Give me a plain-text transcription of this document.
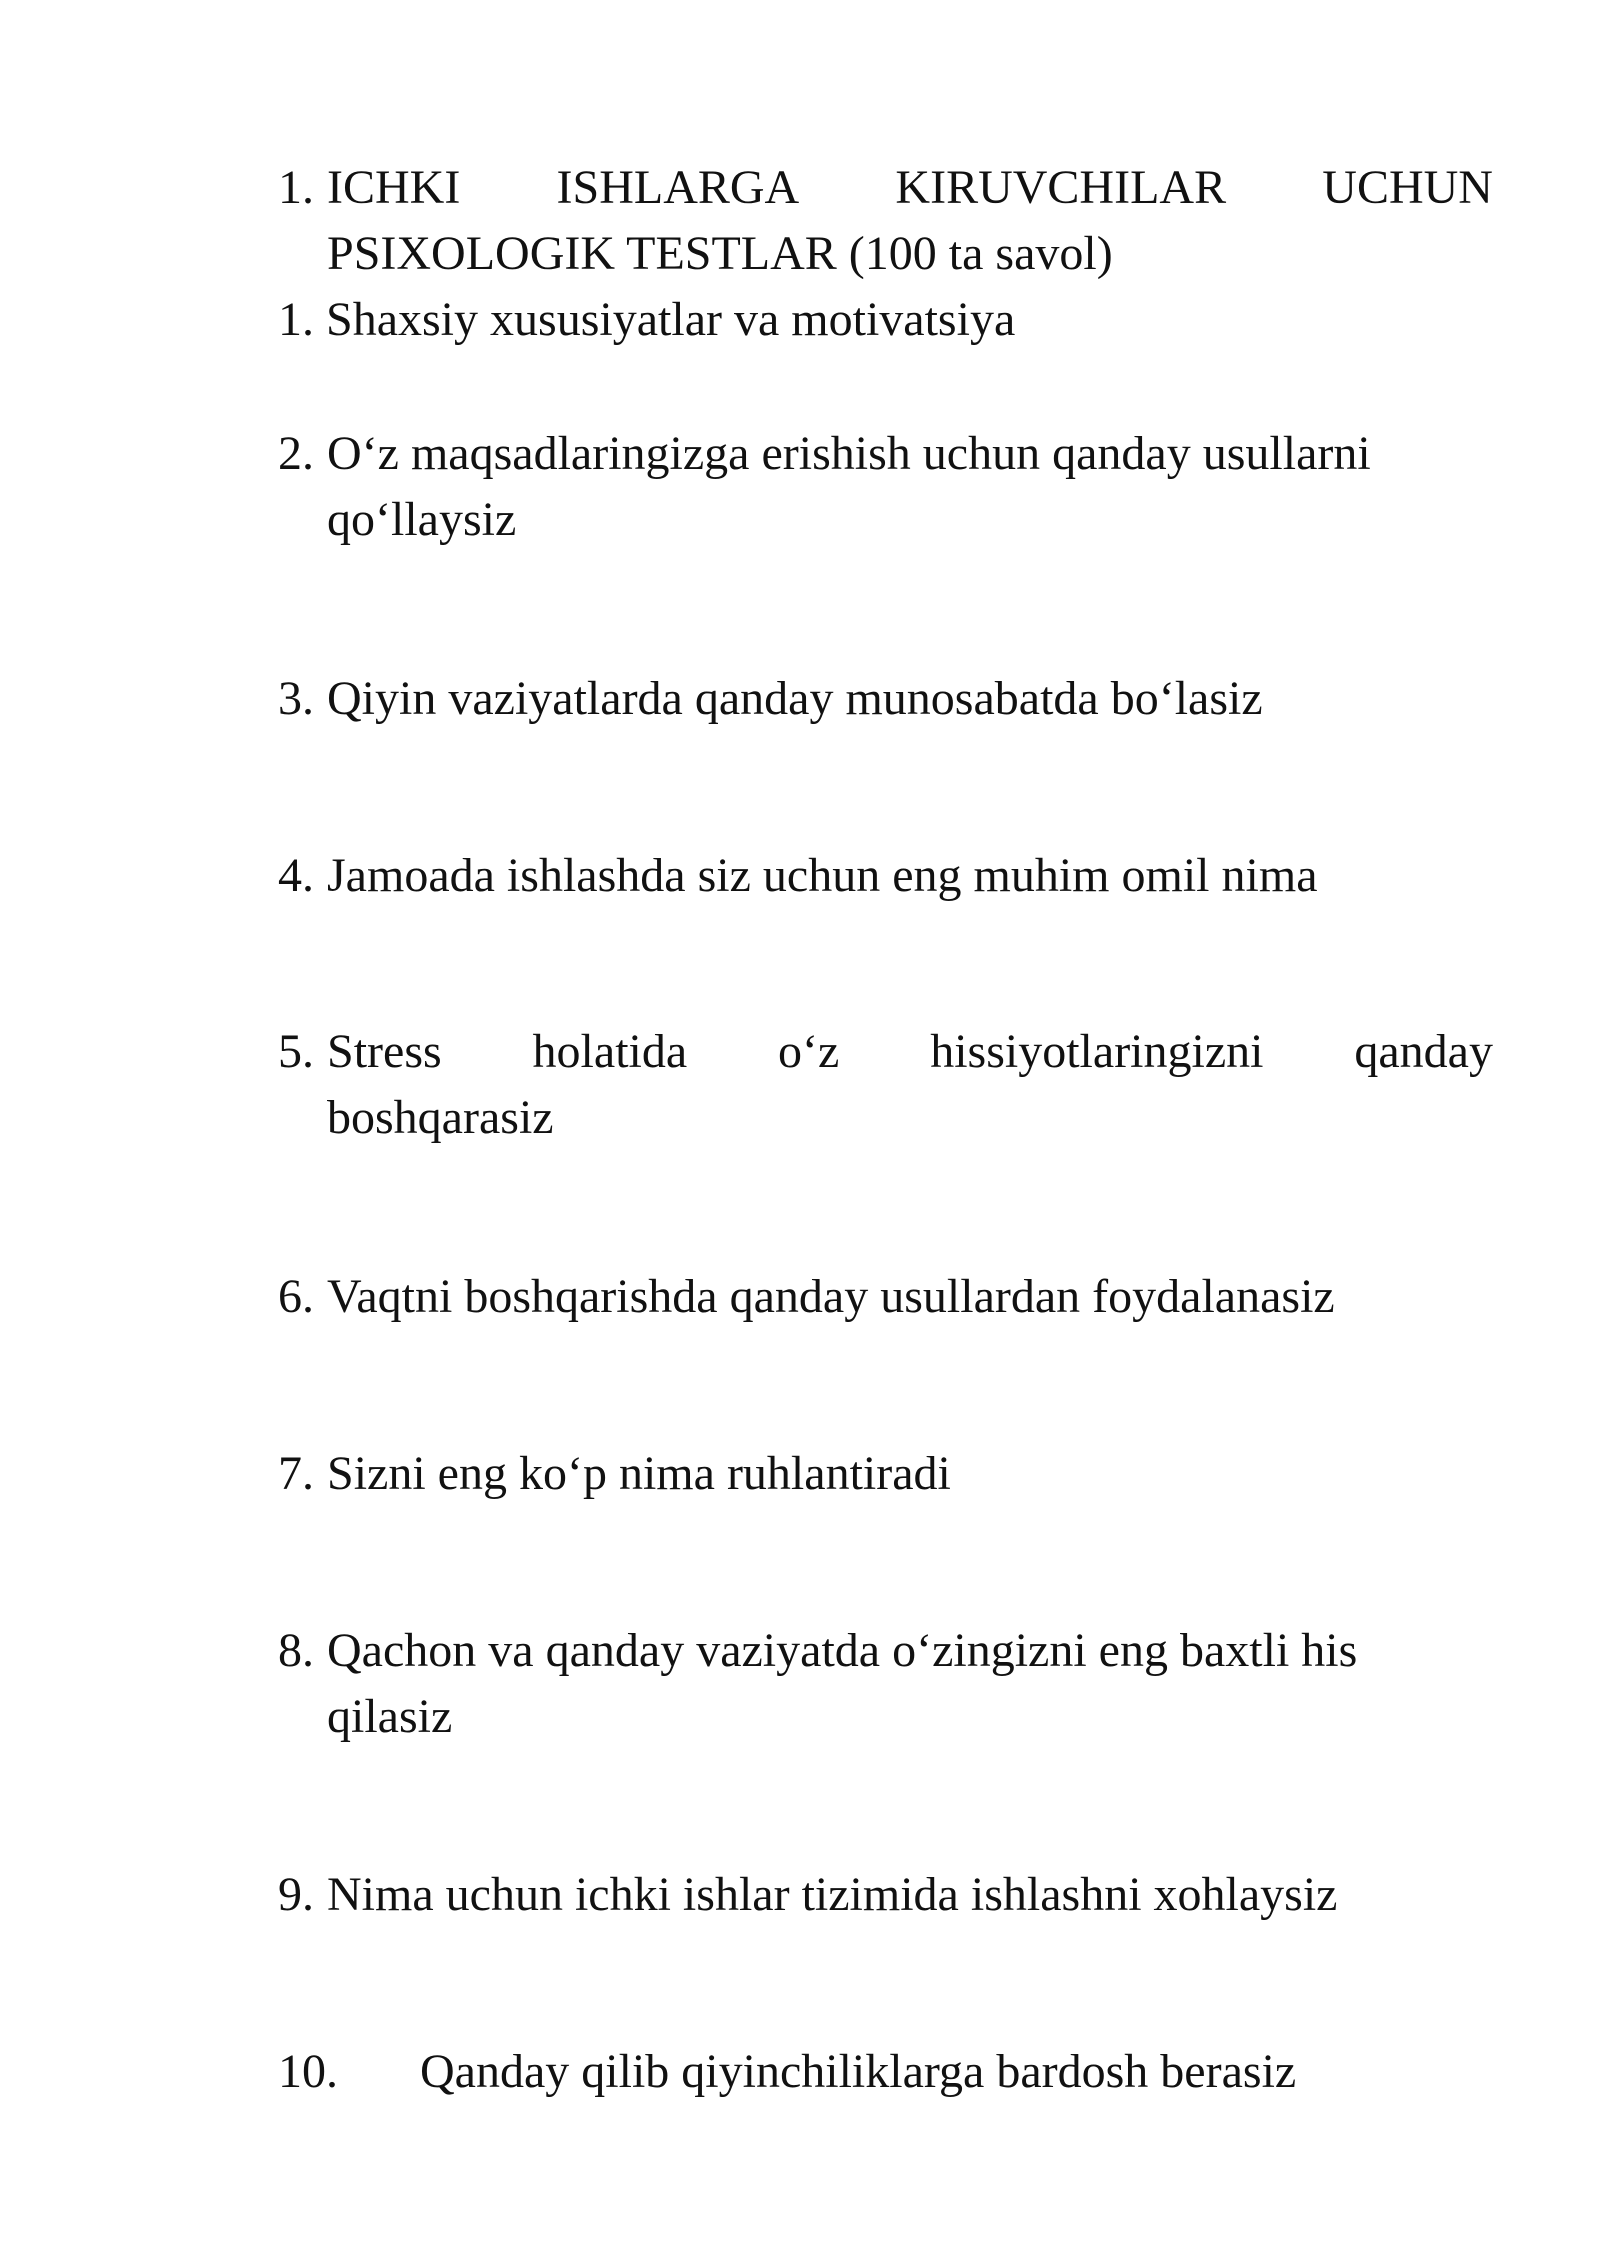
1. ICHKI ISHLARGA KIRUVCHILAR UCHUN
PSIXOLOGIK TESTLAR (100 ta savol)
1. Shaxsiy xususiyatlar va motivatsiya
2. O‘z maqsadlaringizga erishish uchun qanday usullarni
qo‘llaysiz
3. Qiyin vaziyatlarda qanday munosabatda bo‘lasiz
4. Jamoada ishlashda siz uchun eng muhim omil nima
5. Stress holatida o‘z hissiyotlaringizni qanday
boshqarasiz
6. Vaqtni boshqarishda qanday usullardan foydalanasiz
7. Sizni eng ko‘p nima ruhlantiradi
8. Qachon va qanday vaziyatda o‘zingizni eng baxtli his
qilasiz
9. Nima uchun ichki ishlar tizimida ishlashni xohlaysiz
10. Qanday qilib qiyinchiliklarga bardosh berasiz
